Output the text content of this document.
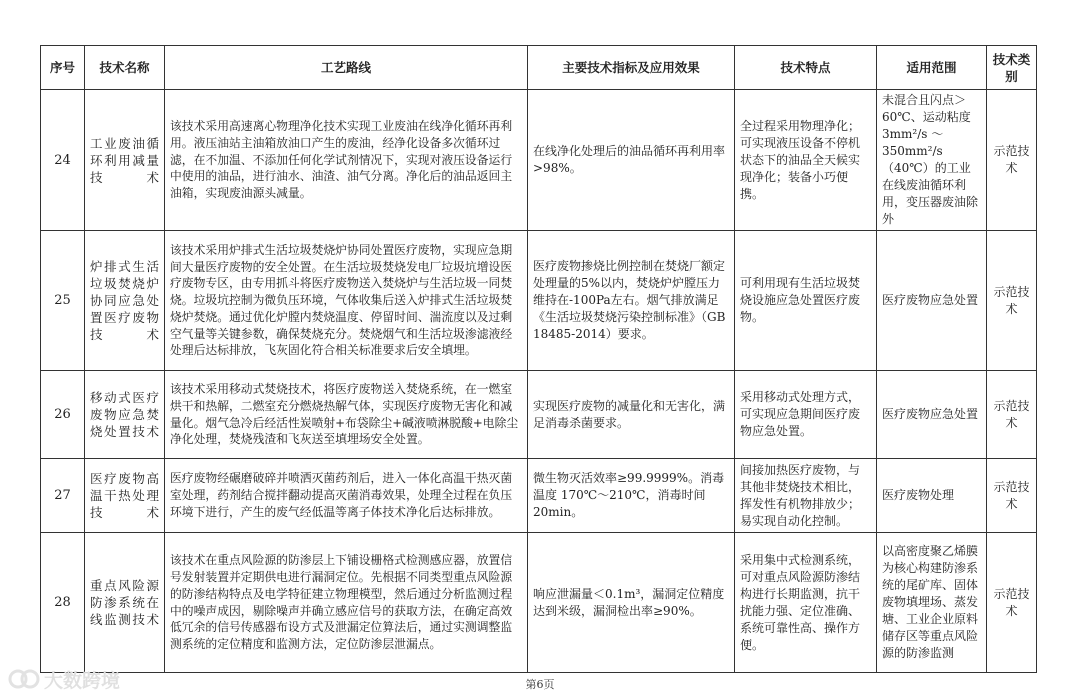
序号	技术名称	工艺路线	主要技术指标及应用效果	技术特点	适用范围	技术类别
24	工业废油循环利用减量技术	该技术采用高速离心物理净化技术实现工业废油在线净化循环再利用。液压油站主油箱放油口产生的废油，经净化设备多次循环过滤，在不加温、不添加任何化学试剂情况下，实现对液压设备运行中使用的油品，进行油水、油渣、油气分离。净化后的油品返回主油箱，实现废油源头减量。	在线净化处理后的油品循环再利用率>98%。	全过程采用物理净化；可实现液压设备不停机状态下的油品全天候实现净化；装备小巧便携。	未混合且闪点＞60℃、运动粘度3mm²/s ～ 350mm²/s（40℃）的工业在线废油循环利用，变压器废油除外	示范技术
25	炉排式生活垃圾焚烧炉协同应急处置医疗废物技术	该技术采用炉排式生活垃圾焚烧炉协同处置医疗废物，实现应急期间大量医疗废物的安全处置。在生活垃圾焚烧发电厂垃圾坑增设医疗废物专区，由专用抓斗将医疗废物送入焚烧炉与生活垃圾一同焚烧。垃圾坑控制为微负压环境，气体收集后送入炉排式生活垃圾焚烧炉焚烧。通过优化炉膛内焚烧温度、停留时间、湍流度以及过剩空气量等关键参数，确保焚烧充分。焚烧烟气和生活垃圾渗滤液经处理后达标排放，飞灰固化符合相关标准要求后安全填埋。	医疗废物掺烧比例控制在焚烧厂额定处理量的5%以内，焚烧炉炉膛压力维持在-100Pa左右。烟气排放满足《生活垃圾焚烧污染控制标准》（GB 18485-2014）要求。	可利用现有生活垃圾焚烧设施应急处置医疗废物。	医疗废物应急处置	示范技术
26	移动式医疗废物应急焚烧处置技术	该技术采用移动式焚烧技术，将医疗废物送入焚烧系统，在一燃室烘干和热解，二燃室充分燃烧热解气体，实现医疗废物无害化和减量化。烟气急冷后经活性炭喷射+布袋除尘+碱液喷淋脱酸+电除尘净化处理，焚烧残渣和飞灰送至填埋场安全处置。	实现医疗废物的减量化和无害化，满足消毒杀菌要求。	采用移动式处理方式，可实现应急期间医疗废物应急处置。	医疗废物应急处置	示范技术
27	医疗废物高温干热处理技术	医疗废物经碾磨破碎并喷洒灭菌药剂后，进入一体化高温干热灭菌室处理，药剂结合搅拌翻动提高灭菌消毒效果，处理全过程在负压环境下进行，产生的废气经低温等离子体技术净化后达标排放。	微生物灭活效率≥99.9999%。消毒温度 170℃～210℃，消毒时间20min。	间接加热医疗废物，与其他非焚烧技术相比，挥发性有机物排放少；易实现自动化控制。	医疗废物处理	示范技术
28	重点风险源防渗系统在线监测技术	该技术在重点风险源的防渗层上下铺设栅格式检测感应器，放置信号发射装置并定期供电进行漏洞定位。先根据不同类型重点风险源的防渗结构特点及电学特征建立物理模型，然后通过分析监测过程中的噪声成因，剔除噪声并确立感应信号的获取方法，在确定高效低冗余的信号传感器布设方式及泄漏定位算法后，通过实测调整监测系统的定位精度和监测方法，定位防渗层泄漏点。	响应泄漏量＜0.1m³，漏洞定位精度达到米级，漏洞检出率≥90%。	采用集中式检测系统，可对重点风险源防渗结构进行长期监测，抗干扰能力强、定位准确、系统可靠性高、操作方便。	以高密度聚乙烯膜为核心构建防渗系统的尾矿库、固体废物填埋场、蒸发塘、工业企业原料储存区等重点风险源的防渗监测	示范技术
大数跨境	第6页
